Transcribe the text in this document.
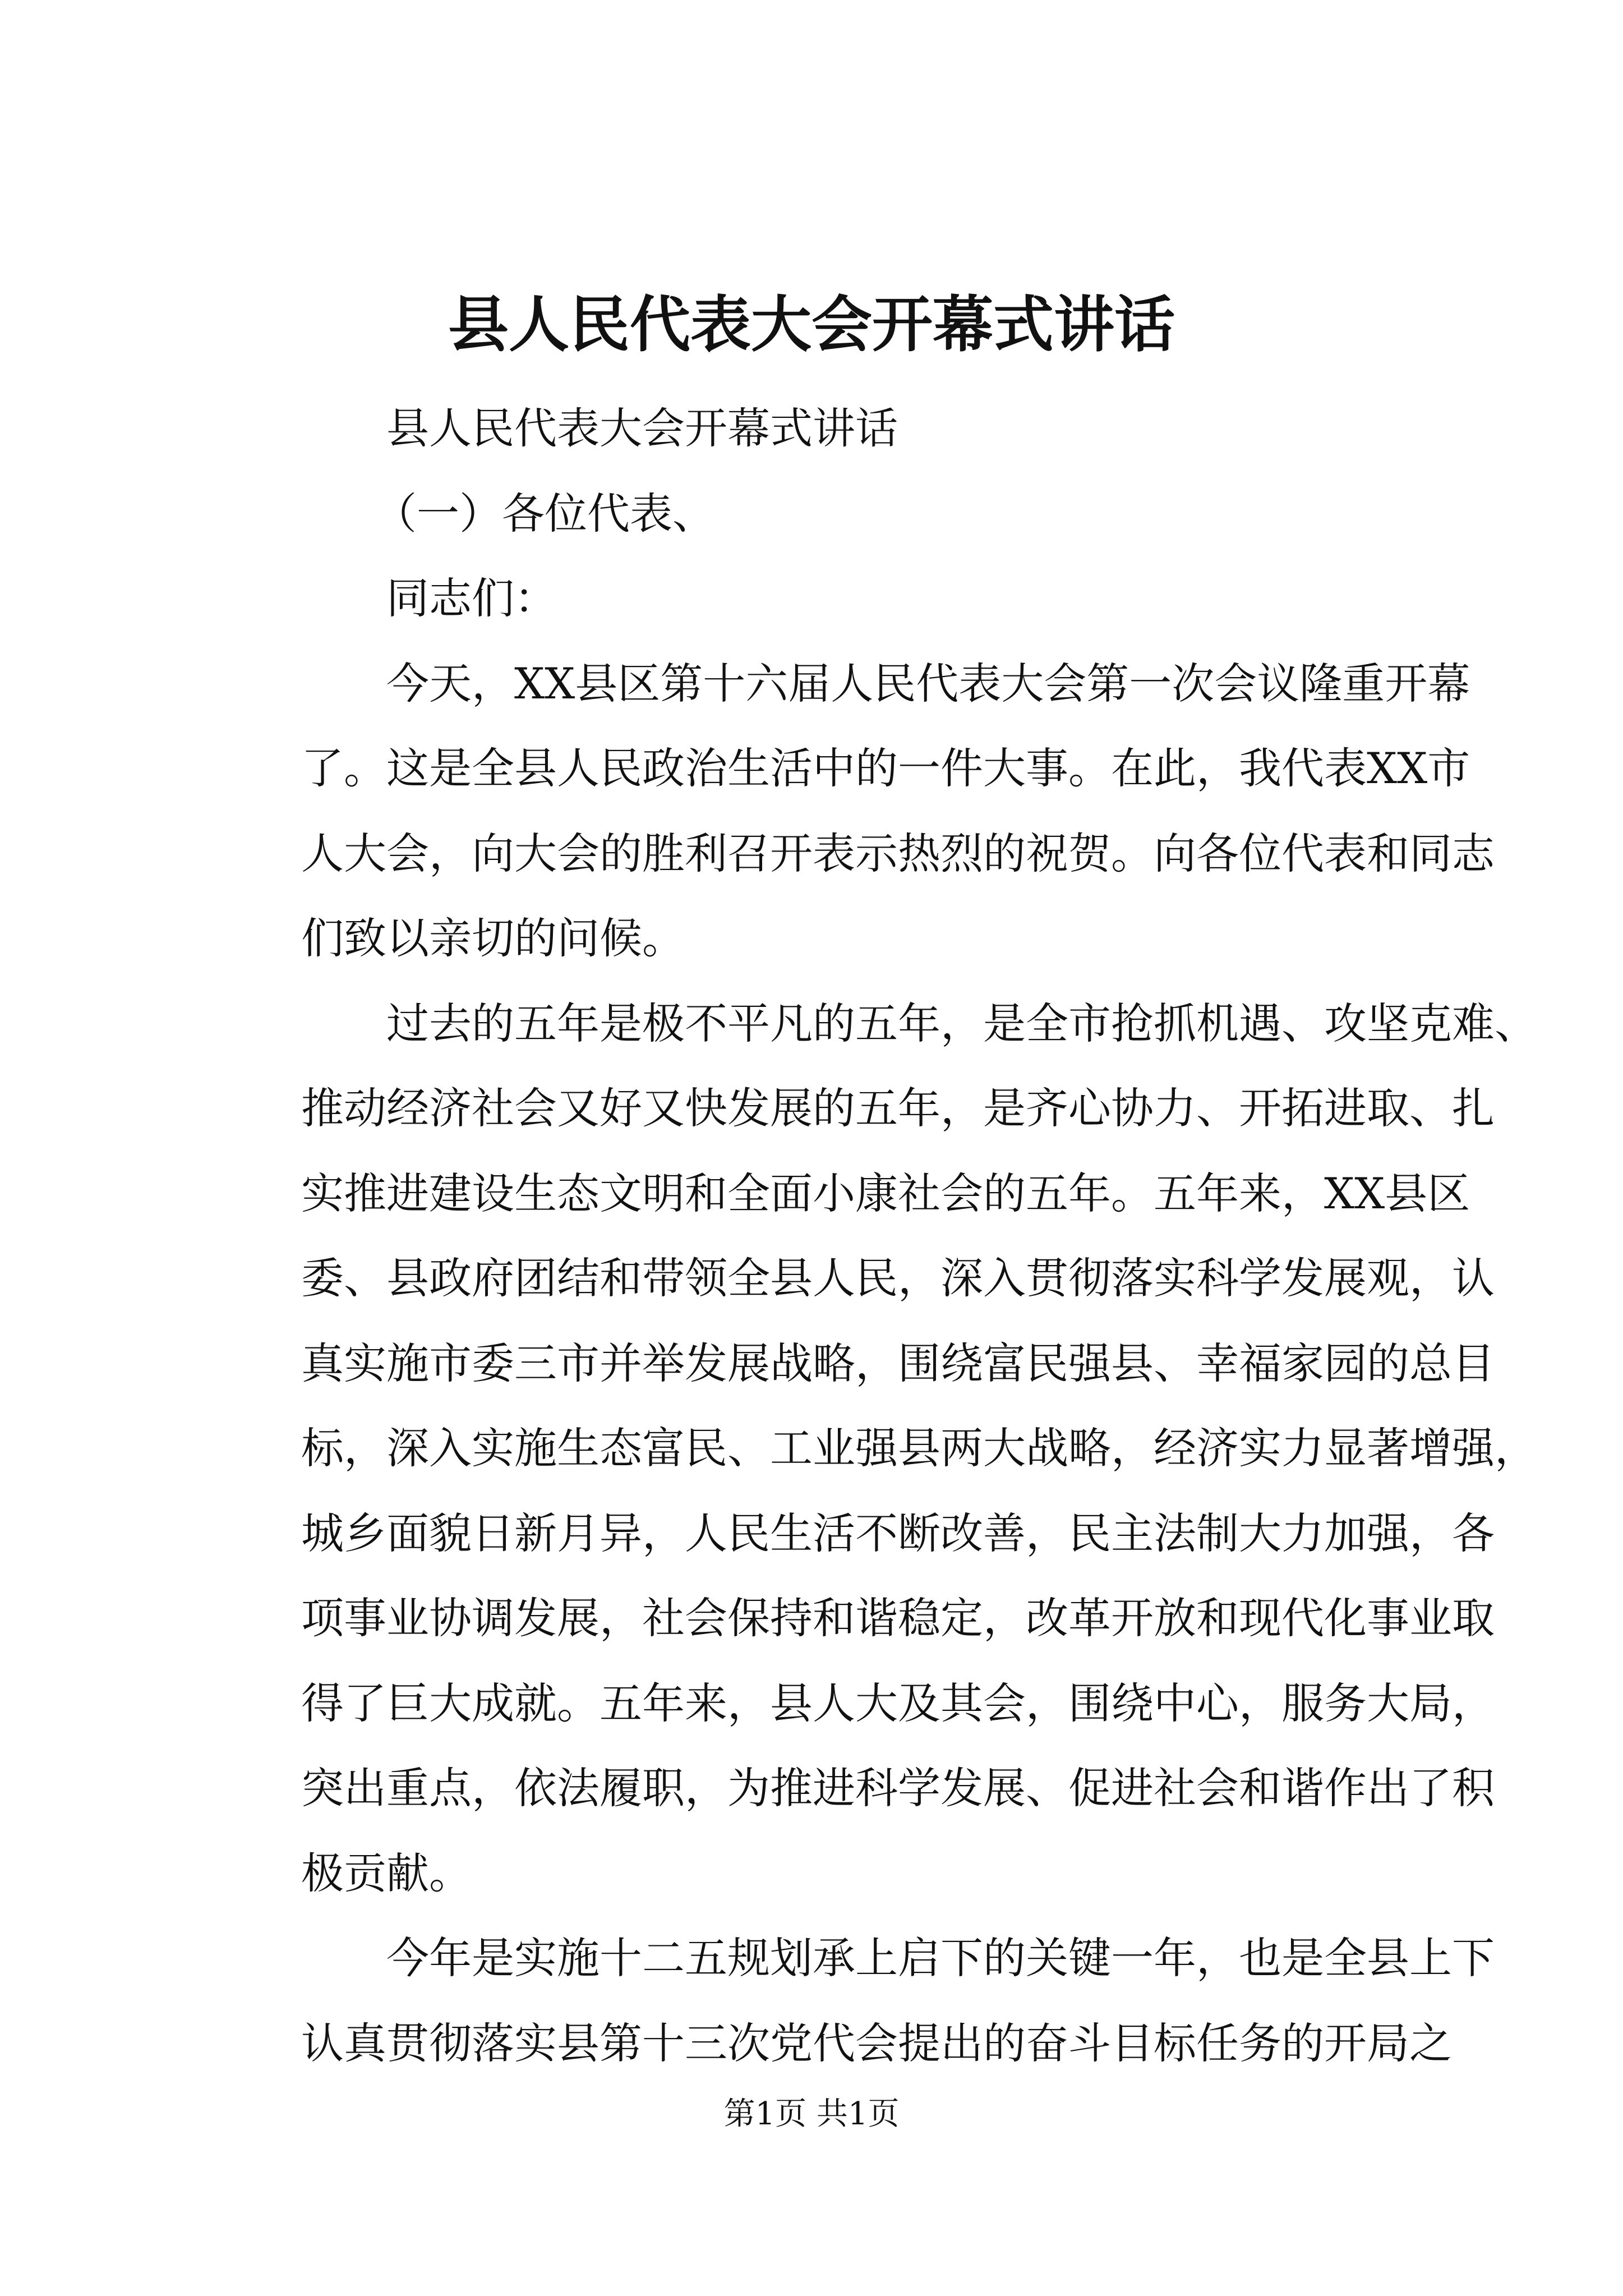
县人民代表大会开幕式讲话
县人民代表大会开幕式讲话
（一）各位代表、
同志们：
今天，XX县区第十六届人民代表大会第一次会议隆重开幕
了。这是全县人民政治生活中的一件大事。在此，我代表XX市
人大会，向大会的胜利召开表示热烈的祝贺。向各位代表和同志
们致以亲切的问候。
过去的五年是极不平凡的五年，是全市抢抓机遇、攻坚克难、
推动经济社会又好又快发展的五年，是齐心协力、开拓进取、扎
实推进建设生态文明和全面小康社会的五年。五年来，XX县区
委、县政府团结和带领全县人民，深入贯彻落实科学发展观，认
真实施市委三市并举发展战略，围绕富民强县、幸福家园的总目
标，深入实施生态富民、工业强县两大战略，经济实力显著增强，
城乡面貌日新月异，人民生活不断改善，民主法制大力加强，各
项事业协调发展，社会保持和谐稳定，改革开放和现代化事业取
得了巨大成就。五年来，县人大及其会，围绕中心，服务大局，
突出重点，依法履职，为推进科学发展、促进社会和谐作出了积
极贡献。
今年是实施十二五规划承上启下的关键一年，也是全县上下
认真贯彻落实县第十三次党代会提出的奋斗目标任务的开局之
第1页 共1页
